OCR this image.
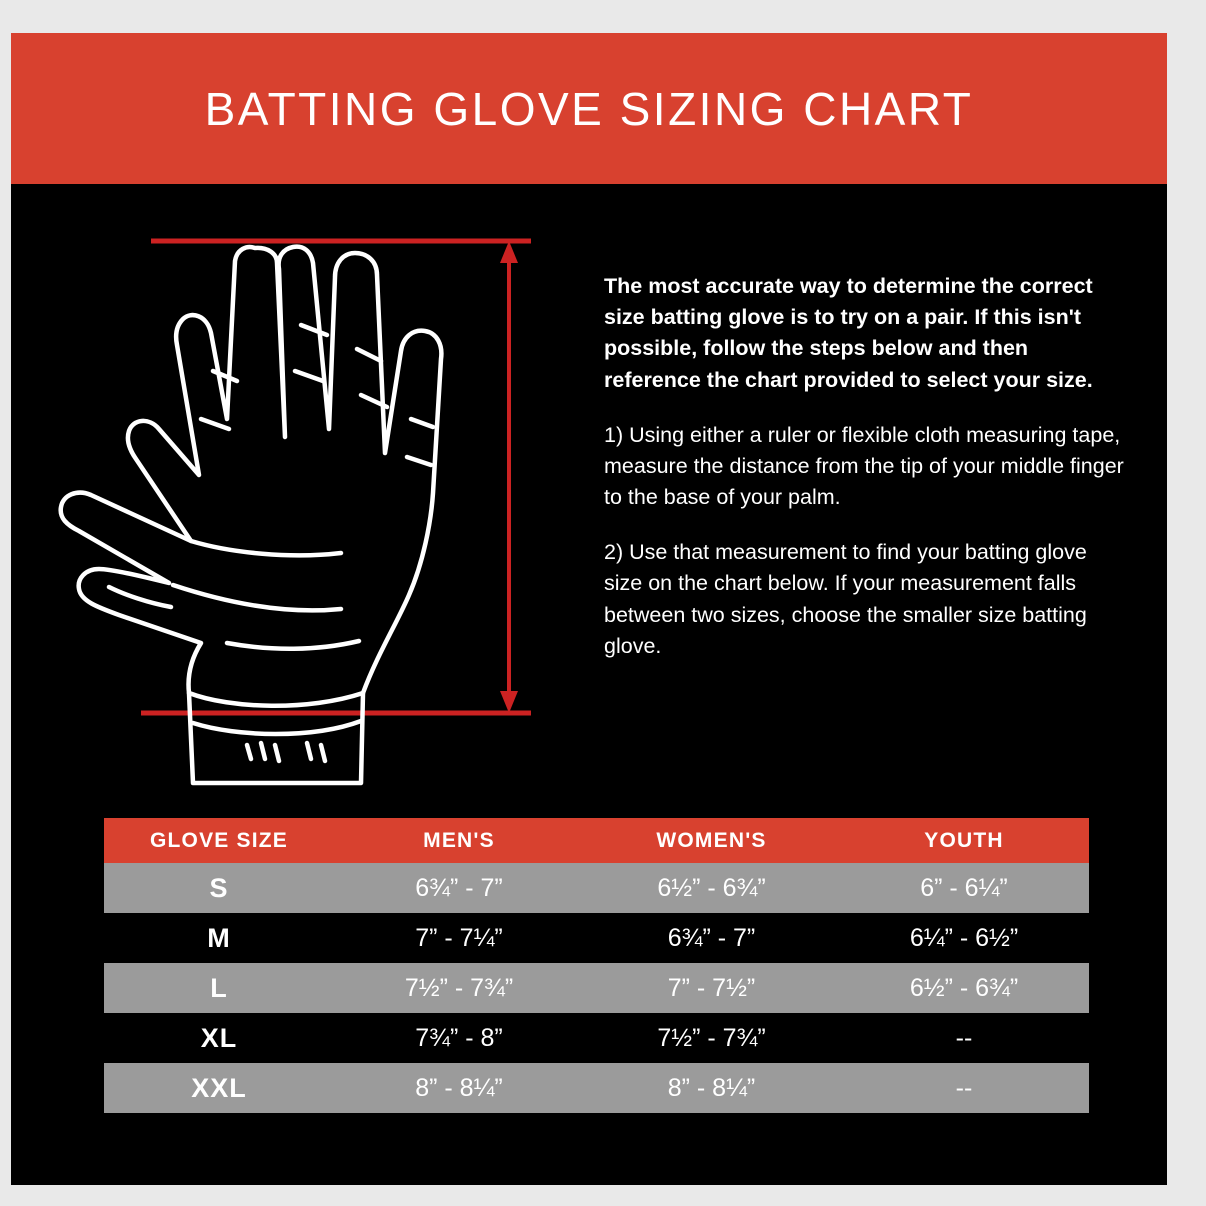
BATTING GLOVE SIZING CHART

The most accurate way to determine the correct size batting glove is to try on a pair. If this isn't possible, follow the steps below and then reference the chart provided to select your size.

1) Using either a ruler or flexible cloth measuring tape, measure the distance from the tip of your middle finger to the base of your palm.

2) Use that measurement to find your batting glove size on the chart below. If your measurement falls between two sizes, choose the smaller size batting glove.

GLOVE SIZE	MEN'S	WOMEN'S	YOUTH
S	6¾” - 7”	6½” - 6¾”	6” - 6¼”
M	7” - 7¼”	6¾” - 7”	6¼” - 6½”
L	7½” - 7¾”	7” - 7½”	6½” - 6¾”
XL	7¾” - 8”	7½” - 7¾”	--
XXL	8” - 8¼”	8” - 8¼”	--
